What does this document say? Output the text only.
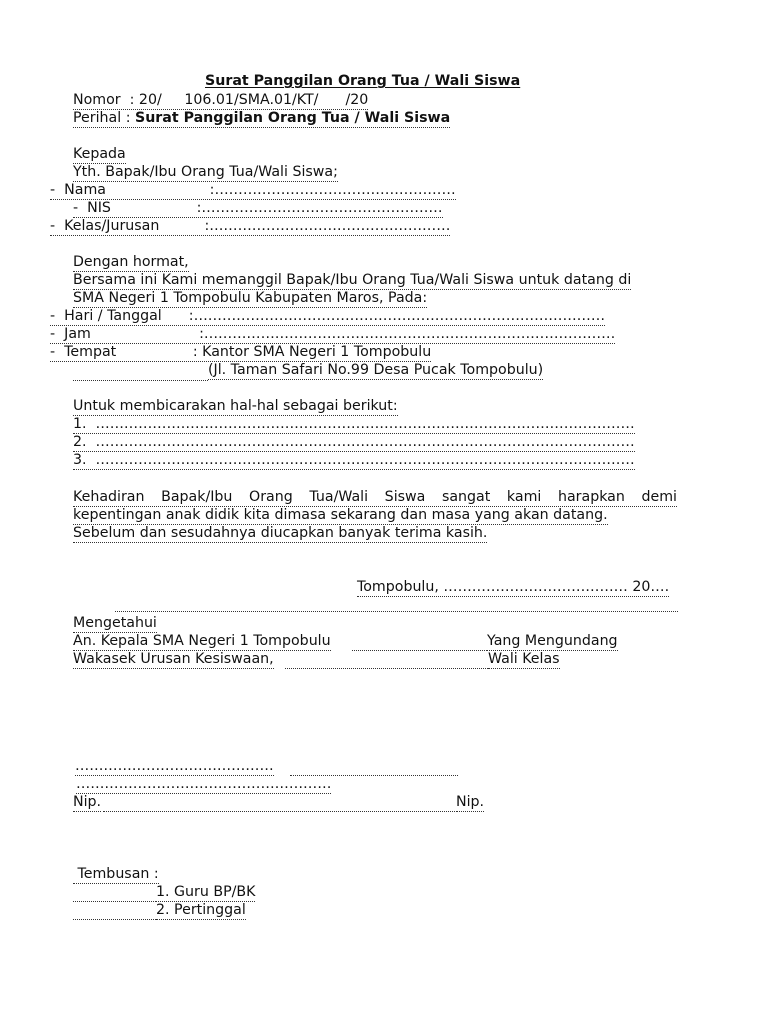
Surat Panggilan Orang Tua / Wali Siswa
Nomor  : 20/     106.01/SMA.01/KT/      /20
Perihal : Surat Panggilan Orang Tua / Wali Siswa
Kepada
Yth. Bapak/Ibu Orang Tua/Wali Siswa;
-  Nama                       :……………………………………………
-  NIS                   :……………………………………………
-  Kelas/Jurusan          :……………………………………………
Dengan hormat,
Bersama ini Kami memanggil Bapak/Ibu Orang Tua/Wali Siswa untuk datang di
SMA Negeri 1 Tompobulu Kabupaten Maros, Pada:
-  Hari / Tanggal      :……………………………………………………………………………
-  Jam                        :……………………………………………………………………………
-  Tempat                 : Kantor SMA Negeri 1 Tompobulu
(Jl. Taman Safari No.99 Desa Pucak Tompobulu)
Untuk membicarakan hal-hal sebagai berikut:
1.  ……………………………………………………………………………………………………
2.  ……………………………………………………………………………………………………
3.  ……………………………………………………………………………………………………
Kehadiran Bapak/Ibu Orang Tua/Wali Siswa sangat kami harapkan demi
kepentingan anak didik kita dimasa sekarang dan masa yang akan datang.
Sebelum dan sesudahnya diucapkan banyak terima kasih.
Tompobulu, ………………………………… 20….
Mengetahui
An. Kepala SMA Negeri 1 Tompobulu	Yang Mengundang
Wakasek Urusan Kesiswaan,	Wali Kelas
……………………………………
………………………………………………
Nip.	Nip.
Tembusan :
1. Guru BP/BK
2. Pertinggal
